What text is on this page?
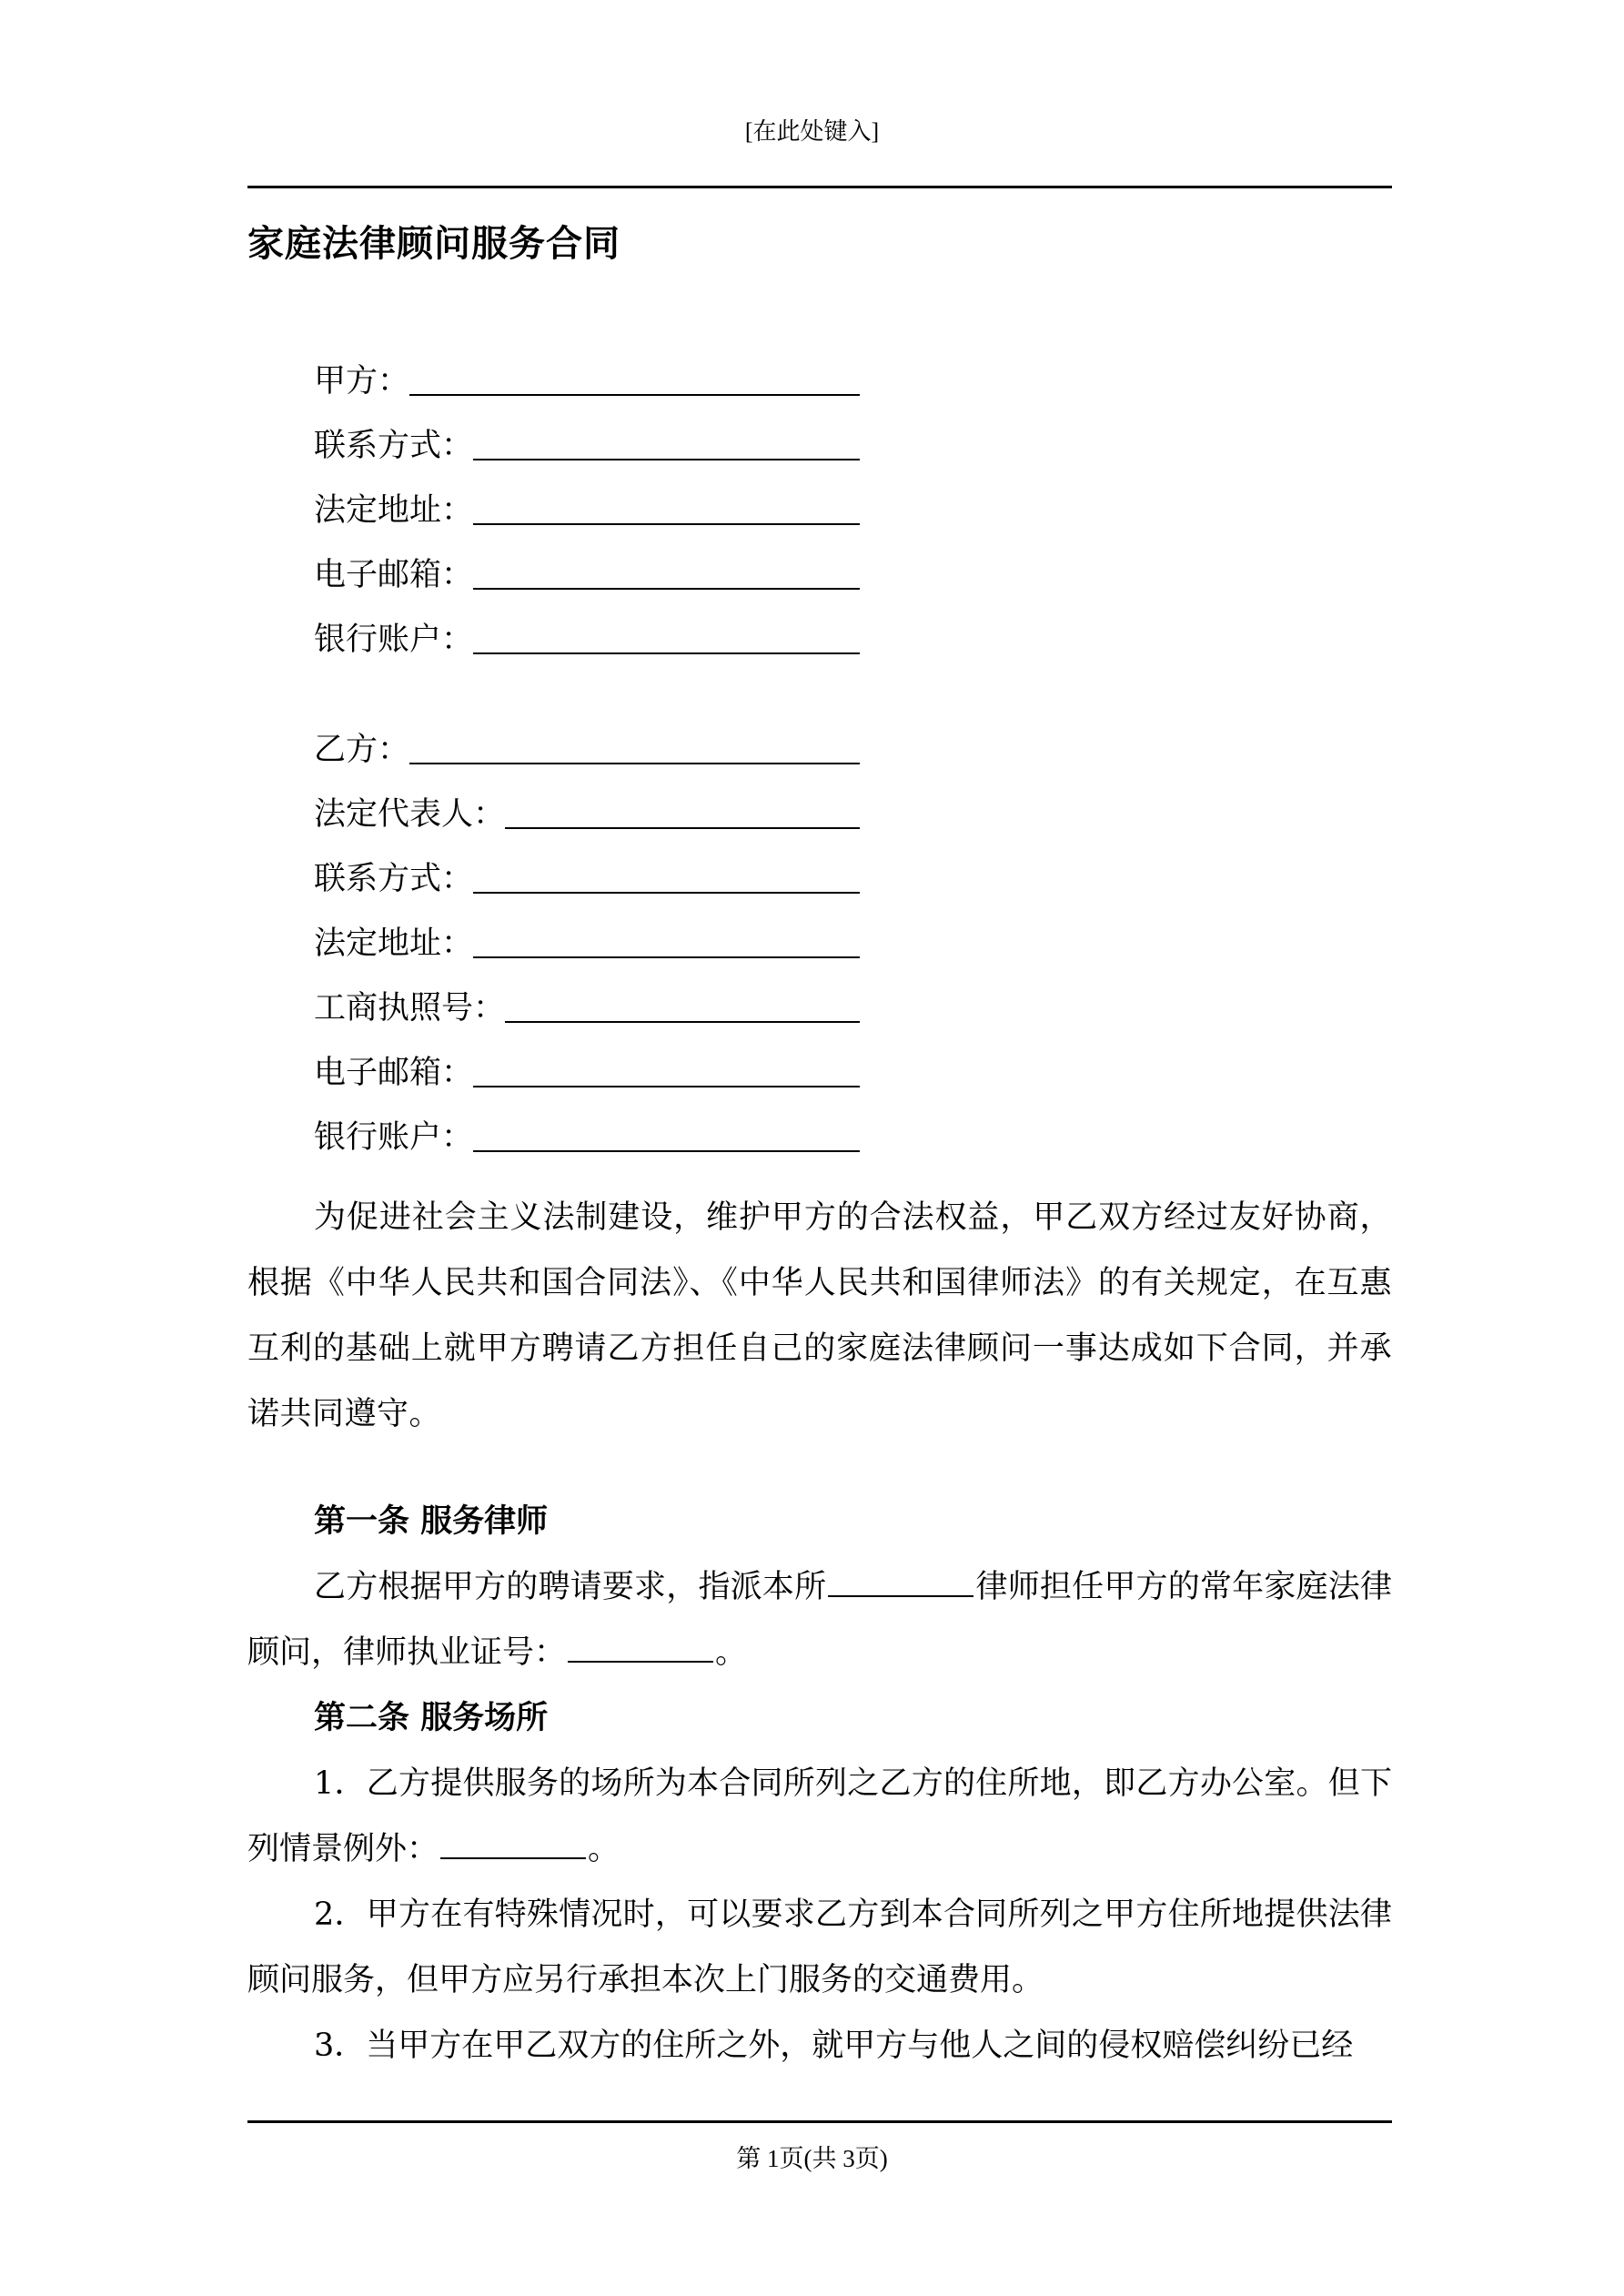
[在此处键入]
家庭法律顾问服务合同
甲方：
联系方式：
法定地址：
电子邮箱：
银行账户：
乙方：
法定代表人：
联系方式：
法定地址：
工商执照号：
电子邮箱：
银行账户：

为促进社会主义法制建设，维护甲方的合法权益，甲乙双方经过友好协商，根据《中华人民共和国合同法》、《中华人民共和国律师法》的有关规定，在互惠互利的基础上就甲方聘请乙方担任自己的家庭法律顾问一事达成如下合同，并承诺共同遵守。

第一条 服务律师

乙方根据甲方的聘请要求，指派本所	律师担任甲方的常年家庭法律顾问，律师执业证号：	。

第二条 服务场所

1．乙方提供服务的场所为本合同所列之乙方的住所地，即乙方办公室。但下列情景例外：	。

2．甲方在有特殊情况时，可以要求乙方到本合同所列之甲方住所地提供法律顾问服务，但甲方应另行承担本次上门服务的交通费用。

3．当甲方在甲乙双方的住所之外，就甲方与他人之间的侵权赔偿纠纷已经

第 1页(共 3页)
